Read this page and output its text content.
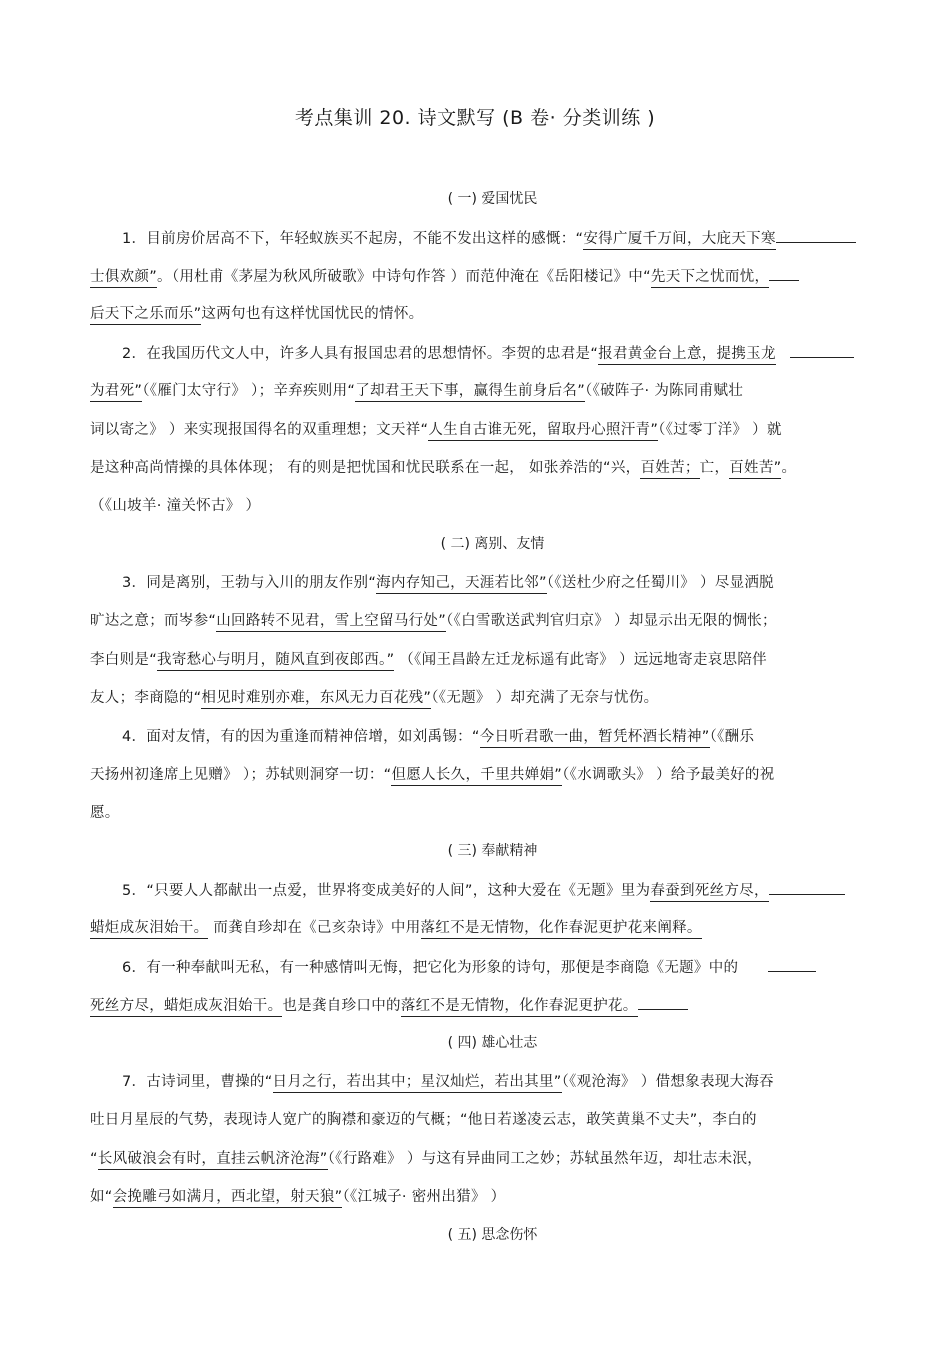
考点集训 20. 诗文默写 (B 卷· 分类训练 )
( 一) 爱国忧民
1．目前房价居高不下，年轻蚁族买不起房，不能不发出这样的感慨：“安得广厦千万间，大庇天下寒
士俱欢颜”。（用杜甫《茅屋为秋风所破歌》中诗句作答 ）而范仲淹在《岳阳楼记》中“先天下之忧而忧，
后天下之乐而乐”这两句也有这样忧国忧民的情怀。
2．在我国历代文人中，许多人具有报国忠君的思想情怀。李贺的忠君是“报君黄金台上意，提携玉龙
为君死”（《雁门太守行》 ）；辛弃疾则用“了却君王天下事，赢得生前身后名”（《破阵子· 为陈同甫赋壮
词以寄之》 ）来实现报国得名的双重理想；文天祥“人生自古谁无死，留取丹心照汗青”（《过零丁洋》 ）就
是这种高尚情操的具体体现； 有的则是把忧国和忧民联系在一起， 如张养浩的“兴，百姓苦；亡，百姓苦”。
（《山坡羊· 潼关怀古》 ）
( 二) 离别、友情
3．同是离别，王勃与入川的朋友作别“海内存知己，天涯若比邻”（《送杜少府之任蜀川》 ）尽显洒脱
旷达之意；而岑参“山回路转不见君，雪上空留马行处”（《白雪歌送武判官归京》 ）却显示出无限的惆怅；
李白则是“我寄愁心与明月，随风直到夜郎西。” （《闻王昌龄左迁龙标遥有此寄》 ）远远地寄走哀思陪伴
友人；李商隐的“相见时难别亦难，东风无力百花残”（《无题》 ）却充满了无奈与忧伤。
4．面对友情，有的因为重逢而精神倍增，如刘禹锡：“今日听君歌一曲，暂凭杯酒长精神”（《酬乐
天扬州初逢席上见赠》 ）；苏轼则洞穿一切：“但愿人长久，千里共婵娟”（《水调歌头》 ）给予最美好的祝
愿。
( 三) 奉献精神
5．“只要人人都献出一点爱，世界将变成美好的人间”，这种大爱在《无题》里为春蚕到死丝方尽，
蜡炬成灰泪始干。 而龚自珍却在《己亥杂诗》中用落红不是无情物，化作春泥更护花来阐释。
6．有一种奉献叫无私，有一种感情叫无悔，把它化为形象的诗句，那便是李商隐《无题》中的
死丝方尽，蜡炬成灰泪始干。也是龚自珍口中的落红不是无情物，化作春泥更护花。
( 四) 雄心壮志
7．古诗词里，曹操的“日月之行，若出其中；星汉灿烂，若出其里”（《观沧海》 ）借想象表现大海吞
吐日月星辰的气势，表现诗人宽广的胸襟和豪迈的气概；“他日若遂凌云志，敢笑黄巢不丈夫”，李白的
“长风破浪会有时，直挂云帆济沧海”（《行路难》 ）与这有异曲同工之妙；苏轼虽然年迈，却壮志未泯，
如“会挽雕弓如满月，西北望，射天狼”（《江城子· 密州出猎》 ）
( 五) 思念伤怀
